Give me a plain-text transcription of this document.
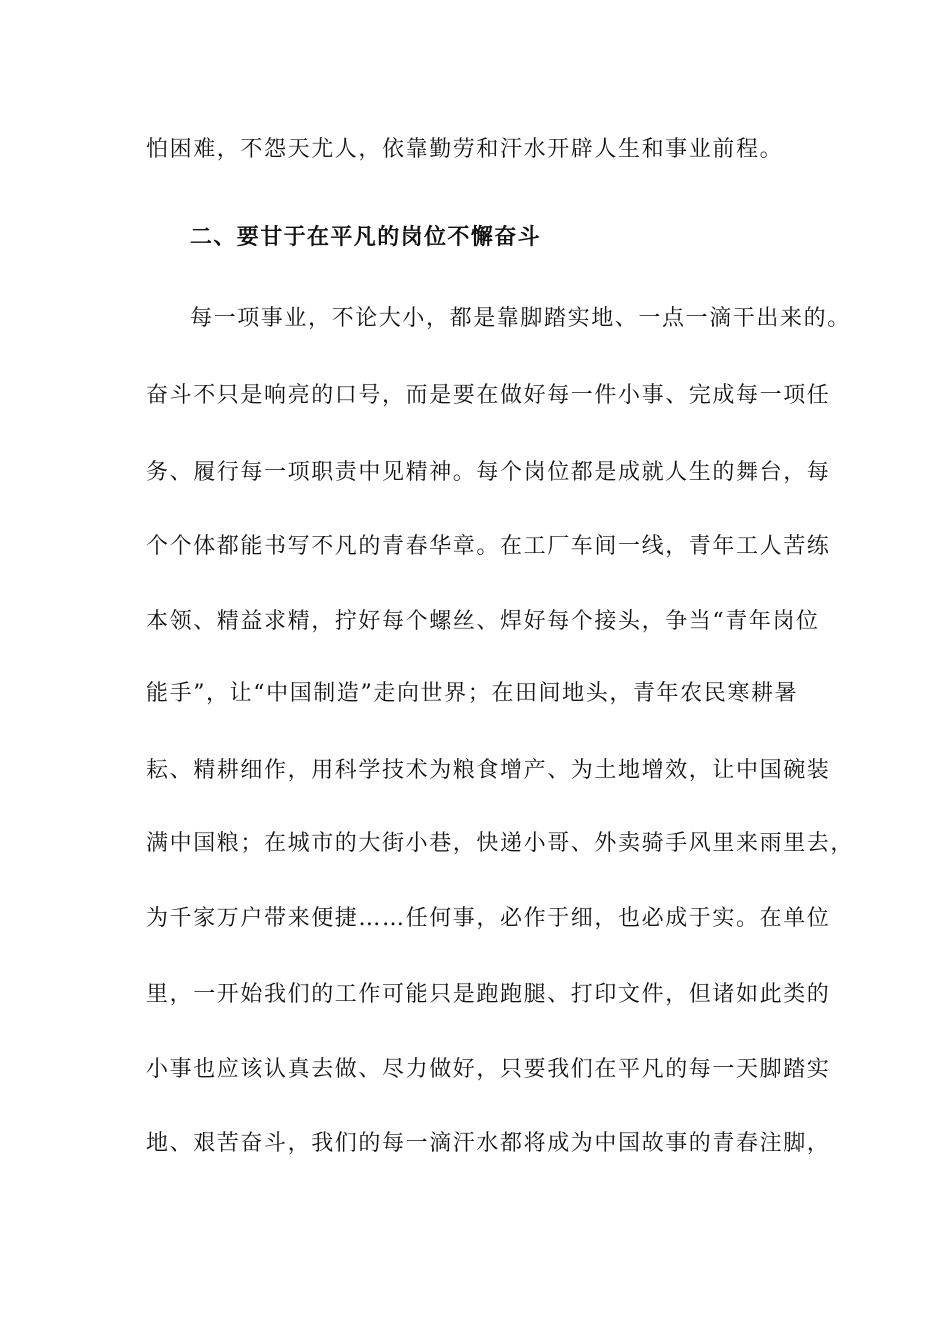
怕困难，不怨天尤人，依靠勤劳和汗水开辟人生和事业前程。
二、要甘于在平凡的岗位不懈奋斗
每一项事业，不论大小，都是靠脚踏实地、一点一滴干出来的。
奋斗不只是响亮的口号，而是要在做好每一件小事、完成每一项任
务、履行每一项职责中见精神。每个岗位都是成就人生的舞台，每
个个体都能书写不凡的青春华章。在工厂车间一线，青年工人苦练
本领、精益求精，拧好每个螺丝、焊好每个接头，争当“青年岗位
能手”，让“中国制造”走向世界；在田间地头，青年农民寒耕暑
耘、精耕细作，用科学技术为粮食增产、为土地增效，让中国碗装
满中国粮；在城市的大街小巷，快递小哥、外卖骑手风里来雨里去，
为千家万户带来便捷……任何事，必作于细，也必成于实。在单位
里，一开始我们的工作可能只是跑跑腿、打印文件，但诸如此类的
小事也应该认真去做、尽力做好，只要我们在平凡的每一天脚踏实
地、艰苦奋斗，我们的每一滴汗水都将成为中国故事的青春注脚，
